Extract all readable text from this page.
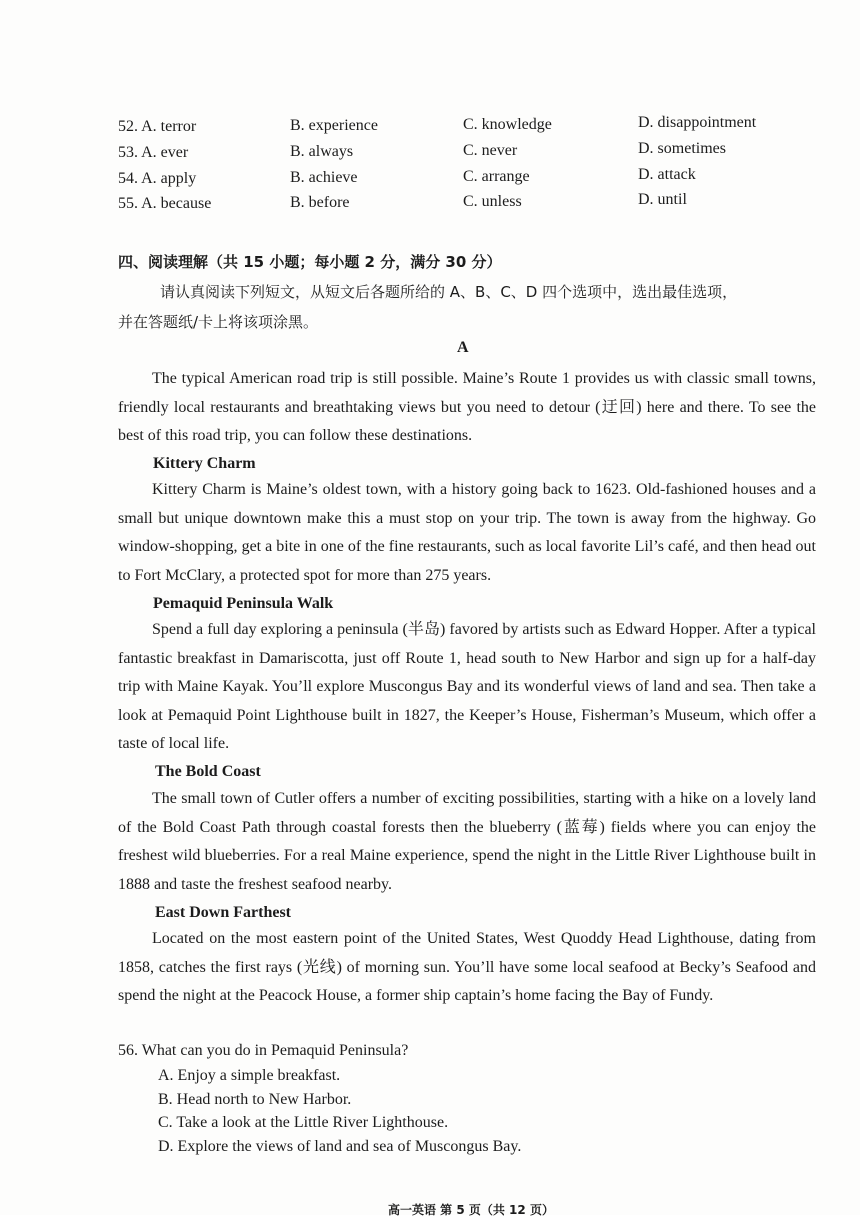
52. A. terror	B. experience	C. knowledge	D. disappointment
53. A. ever	B. always	C. never	D. sometimes
54. A. apply	B. achieve	C. arrange	D. attack
55. A. because	B. before	C. unless	D. until
四、阅读理解（共 15 小题；每小题 2 分，满分 30 分）
请认真阅读下列短文，从短文后各题所给的 A、B、C、D 四个选项中，选出最佳选项，
并在答题纸/卡上将该项涂黑。
A
The typical American road trip is still possible. Maine’s Route 1 provides us with classic small towns, friendly local restaurants and breathtaking views but you need to detour (迂回) here and there. To see the best of this road trip, you can follow these destinations.
Kittery Charm
Kittery Charm is Maine’s oldest town, with a history going back to 1623. Old-fashioned houses and a small but unique downtown make this a must stop on your trip. The town is away from the highway. Go window-shopping, get a bite in one of the fine restaurants, such as local favorite Lil’s café, and then head out to Fort McClary, a protected spot for more than 275 years.
Pemaquid Peninsula Walk
Spend a full day exploring a peninsula (半岛) favored by artists such as Edward Hopper. After a typical fantastic breakfast in Damariscotta, just off Route 1, head south to New Harbor and sign up for a half-day trip with Maine Kayak. You’ll explore Muscongus Bay and its wonderful views of land and sea. Then take a look at Pemaquid Point Lighthouse built in 1827, the Keeper’s House, Fisherman’s Museum, which offer a taste of local life.
The Bold Coast
The small town of Cutler offers a number of exciting possibilities, starting with a hike on a lovely land of the Bold Coast Path through coastal forests then the blueberry (蓝莓) fields where you can enjoy the freshest wild blueberries. For a real Maine experience, spend the night in the Little River Lighthouse built in 1888 and taste the freshest seafood nearby.
East Down Farthest
Located on the most eastern point of the United States, West Quoddy Head Lighthouse, dating from 1858, catches the first rays (光线) of morning sun. You’ll have some local seafood at Becky’s Seafood and spend the night at the Peacock House, a former ship captain’s home facing the Bay of Fundy.
56. What can you do in Pemaquid Peninsula?
A. Enjoy a simple breakfast.
B. Head north to New Harbor.
C. Take a look at the Little River Lighthouse.
D. Explore the views of land and sea of Muscongus Bay.
高一英语 第 5 页（共 12 页）
